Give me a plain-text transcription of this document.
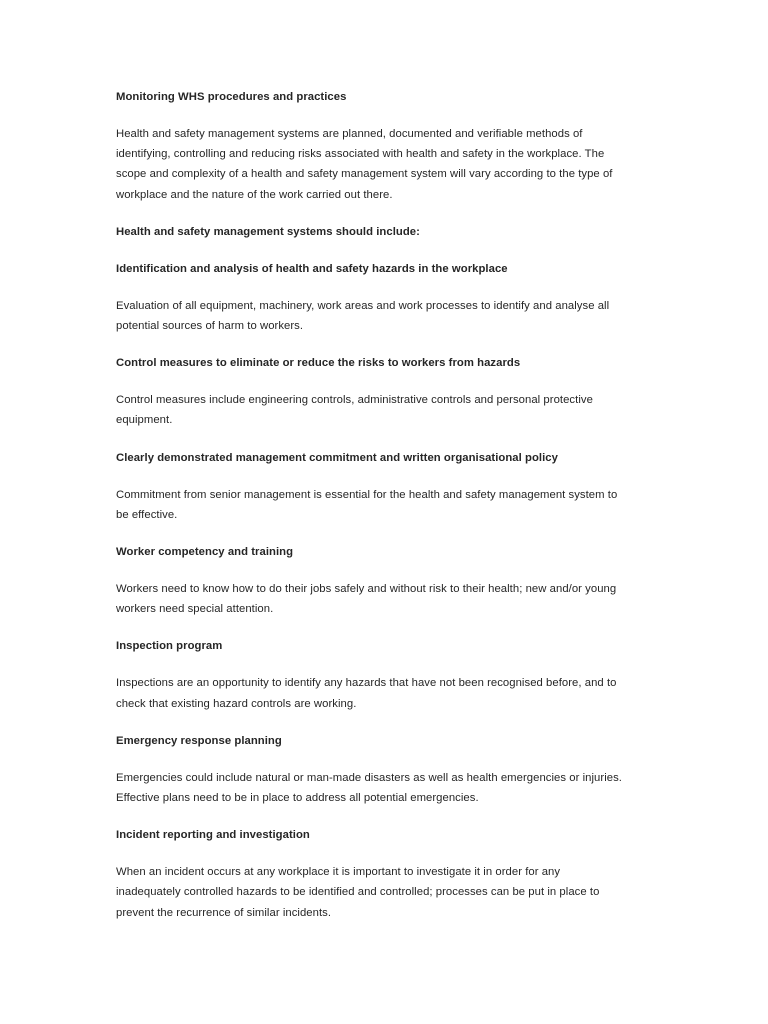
Monitoring WHS procedures and practices
Health and safety management systems are planned, documented and verifiable methods of
identifying, controlling and reducing risks associated with health and safety in the workplace. The
scope and complexity of a health and safety management system will vary according to the type of
workplace and the nature of the work carried out there.
Health and safety management systems should include:
Identification and analysis of health and safety hazards in the workplace
Evaluation of all equipment, machinery, work areas and work processes to identify and analyse all
potential sources of harm to workers.
Control measures to eliminate or reduce the risks to workers from hazards
Control measures include engineering controls, administrative controls and personal protective
equipment.
Clearly demonstrated management commitment and written organisational policy
Commitment from senior management is essential for the health and safety management system to
be effective.
Worker competency and training
Workers need to know how to do their jobs safely and without risk to their health; new and/or young
workers need special attention.
Inspection program
Inspections are an opportunity to identify any hazards that have not been recognised before, and to
check that existing hazard controls are working.
Emergency response planning
Emergencies could include natural or man-made disasters as well as health emergencies or injuries.
Effective plans need to be in place to address all potential emergencies.
Incident reporting and investigation
When an incident occurs at any workplace it is important to investigate it in order for any
inadequately controlled hazards to be identified and controlled; processes can be put in place to
prevent the recurrence of similar incidents.
